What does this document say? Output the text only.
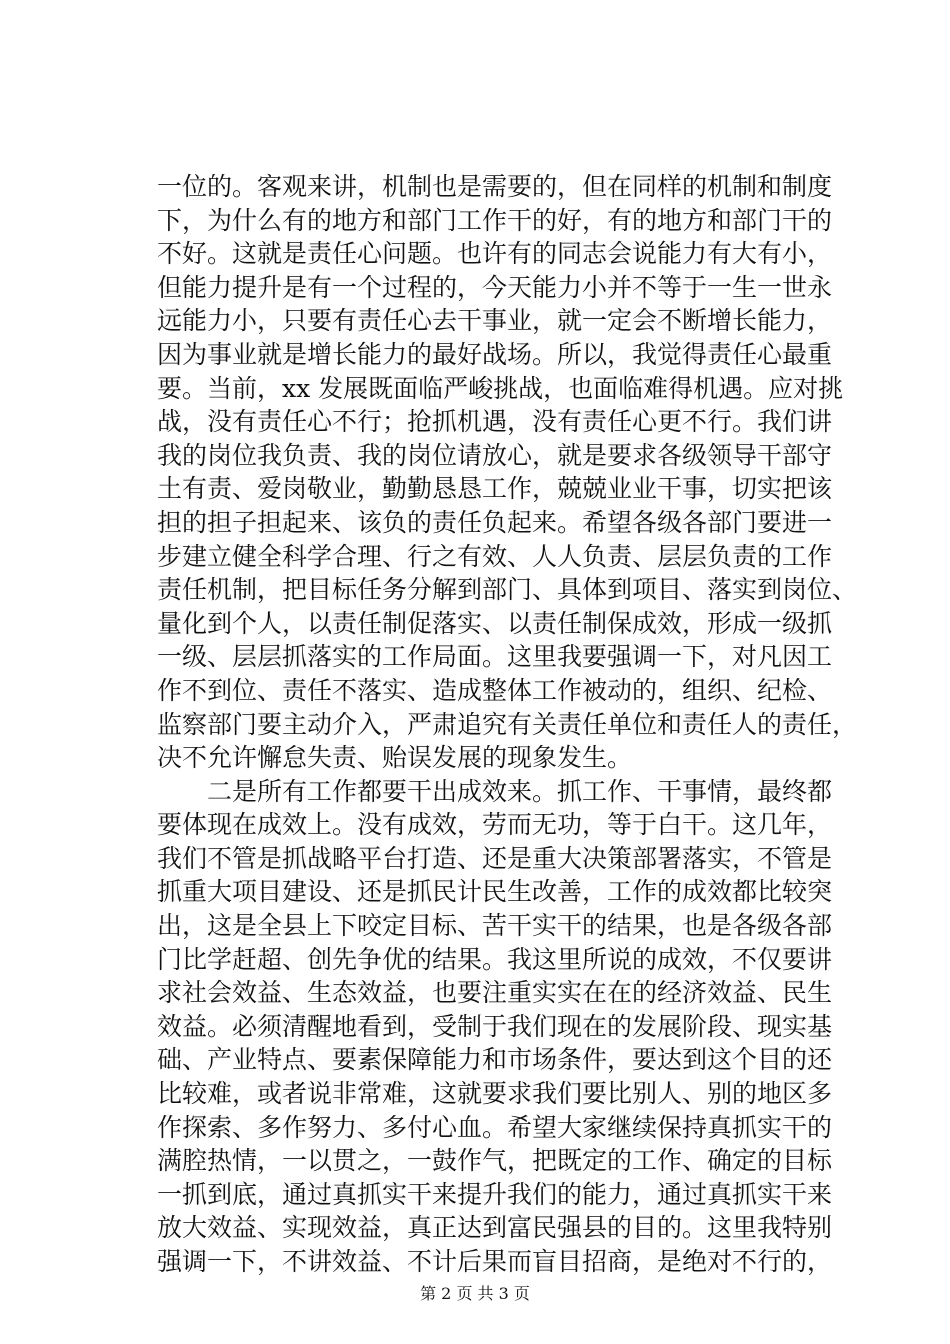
一位的。客观来讲，机制也是需要的，但在同样的机制和制度
下，为什么有的地方和部门工作干的好，有的地方和部门干的
不好。这就是责任心问题。也许有的同志会说能力有大有小，
但能力提升是有一个过程的，今天能力小并不等于一生一世永
远能力小，只要有责任心去干事业，就一定会不断增长能力，
因为事业就是增长能力的最好战场。所以，我觉得责任心最重
要。当前，xx 发展既面临严峻挑战，也面临难得机遇。应对挑
战，没有责任心不行；抢抓机遇，没有责任心更不行。我们讲
我的岗位我负责、我的岗位请放心，就是要求各级领导干部守
土有责、爱岗敬业，勤勤恳恳工作，兢兢业业干事，切实把该
担的担子担起来、该负的责任负起来。希望各级各部门要进一
步建立健全科学合理、行之有效、人人负责、层层负责的工作
责任机制，把目标任务分解到部门、具体到项目、落实到岗位、
量化到个人，以责任制促落实、以责任制保成效，形成一级抓
一级、层层抓落实的工作局面。这里我要强调一下，对凡因工
作不到位、责任不落实、造成整体工作被动的，组织、纪检、
监察部门要主动介入，严肃追究有关责任单位和责任人的责任，
决不允许懈怠失责、贻误发展的现象发生。
　　二是所有工作都要干出成效来。抓工作、干事情，最终都
要体现在成效上。没有成效，劳而无功，等于白干。这几年，
我们不管是抓战略平台打造、还是重大决策部署落实，不管是
抓重大项目建设、还是抓民计民生改善，工作的成效都比较突
出，这是全县上下咬定目标、苦干实干的结果，也是各级各部
门比学赶超、创先争优的结果。我这里所说的成效，不仅要讲
求社会效益、生态效益，也要注重实实在在的经济效益、民生
效益。必须清醒地看到，受制于我们现在的发展阶段、现实基
础、产业特点、要素保障能力和市场条件，要达到这个目的还
比较难，或者说非常难，这就要求我们要比别人、别的地区多
作探索、多作努力、多付心血。希望大家继续保持真抓实干的
满腔热情，一以贯之，一鼓作气，把既定的工作、确定的目标
一抓到底，通过真抓实干来提升我们的能力，通过真抓实干来
放大效益、实现效益，真正达到富民强县的目的。这里我特别
强调一下，不讲效益、不计后果而盲目招商，是绝对不行的，
第 2 页 共 3 页
